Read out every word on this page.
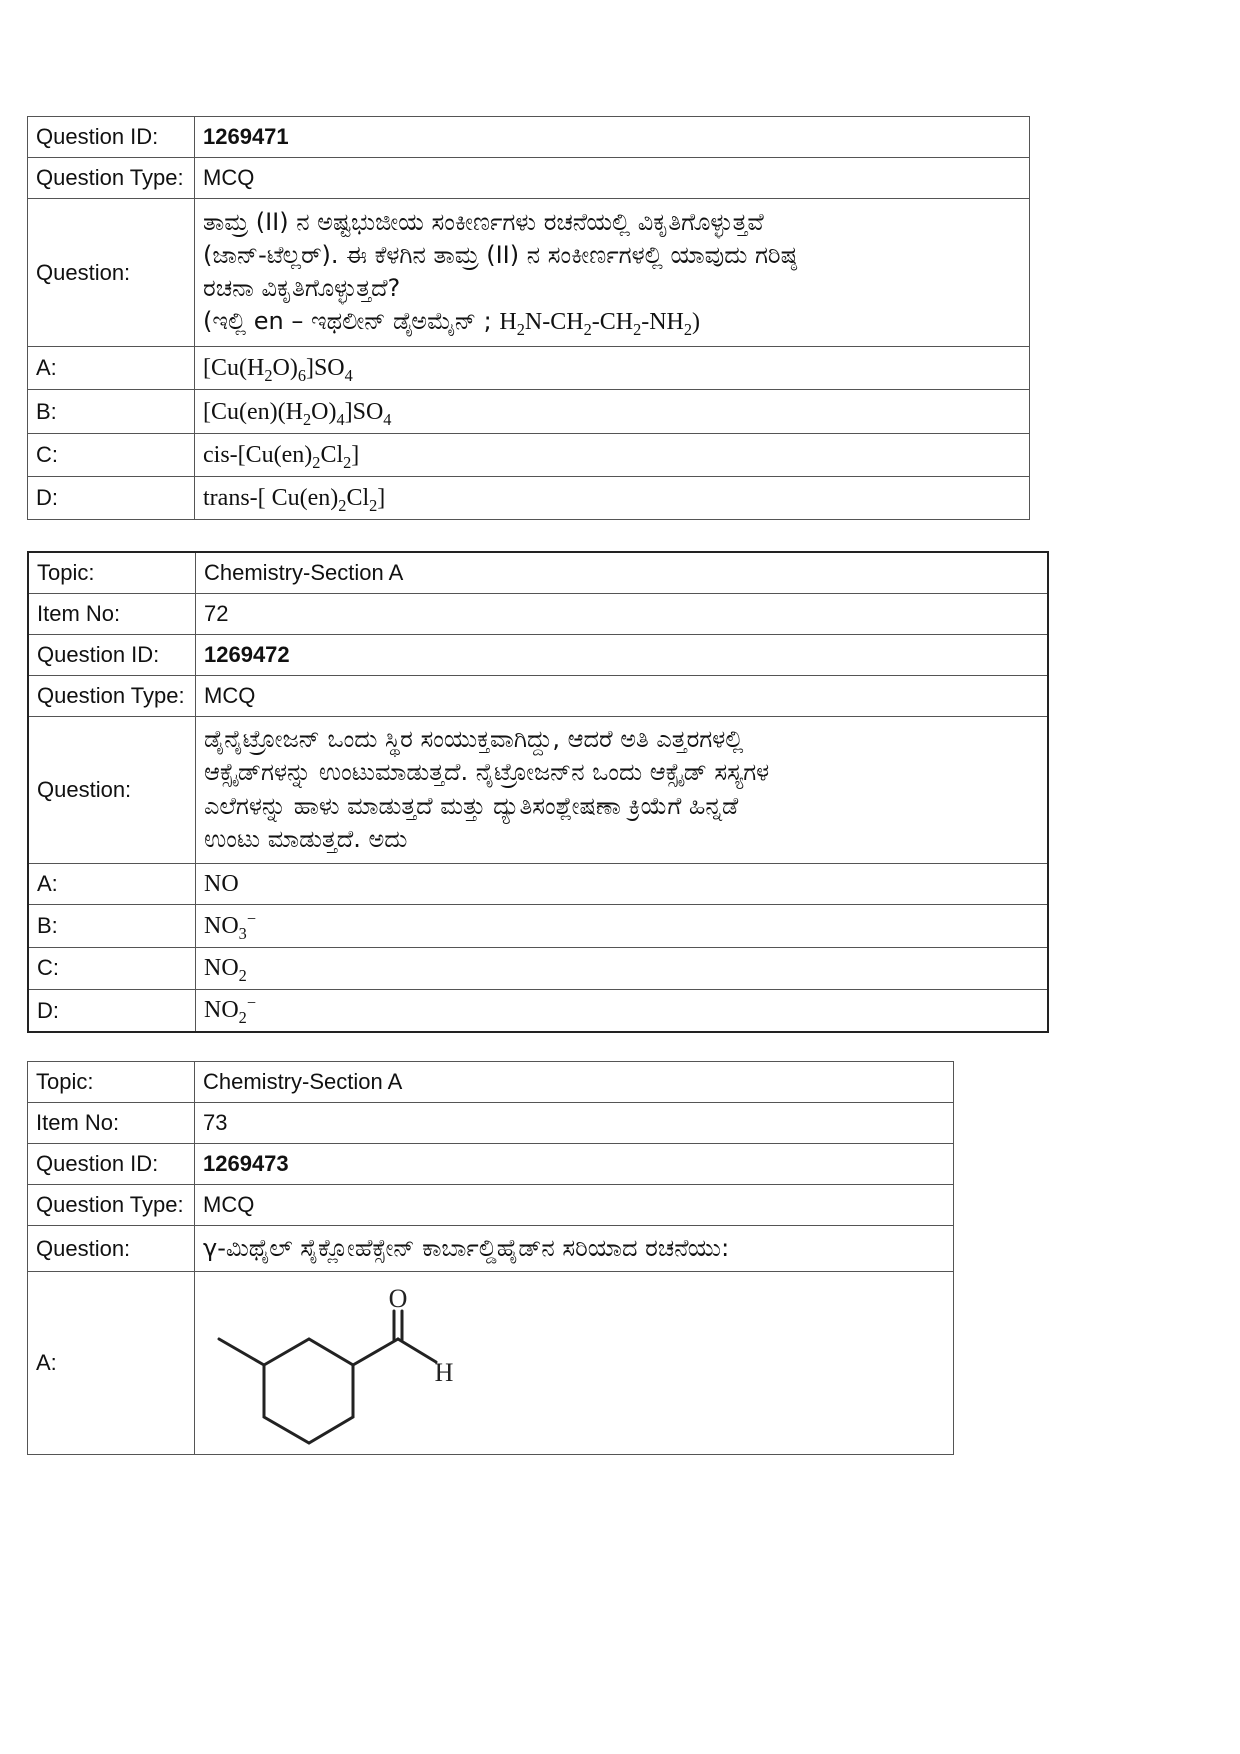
Question ID:	1269471
Question Type:	MCQ
Question:	ತಾಮ್ರ (II) ನ ಅಷ್ಟಭುಜೀಯ ಸಂಕೀರ್ಣಗಳು ರಚನೆಯಲ್ಲಿ ವಿಕೃತಿಗೊಳ್ಳುತ್ತವೆ
(ಜಾನ್-ಟೆಲ್ಲರ್). ಈ ಕೆಳಗಿನ ತಾಮ್ರ (II) ನ ಸಂಕೀರ್ಣಗಳಲ್ಲಿ ಯಾವುದು ಗರಿಷ್ಠ
ರಚನಾ ವಿಕೃತಿಗೊಳ್ಳುತ್ತದೆ?
(ಇಲ್ಲಿ en – ಇಥಲೀನ್ ಡೈಅಮೈನ್ ; $H_2N-CH_2-CH_2-NH_2$)

A:	$[Cu(H_2O)_6]SO_4$
B:	$[Cu(en)(H_2O)_4]SO_4$
C:	cis-$[Cu(en)_2Cl_2]$
D:	trans-[ $Cu(en)_2Cl_2$]
Topic:	Chemistry-Section A
Item No:	72
Question ID:	1269472
Question Type:	MCQ
Question:	ಡೈನೈಟ್ರೋಜನ್ ಒಂದು ಸ್ಥಿರ ಸಂಯುಕ್ತವಾಗಿದ್ದು, ಆದರೆ ಅತಿ ಎತ್ತರಗಳಲ್ಲಿ
ಆಕ್ಸೈಡ್‌ಗಳನ್ನು ಉಂಟುಮಾಡುತ್ತದೆ. ನೈಟ್ರೋಜನ್‌ನ ಒಂದು ಆಕ್ಸೈಡ್ ಸಸ್ಯಗಳ
ಎಲೆಗಳನ್ನು ಹಾಳು ಮಾಡುತ್ತದೆ ಮತ್ತು ದ್ಯುತಿಸಂಶ್ಲೇಷಣಾ ಕ್ರಿಯೆಗೆ ಹಿನ್ನಡೆ
ಉಂಟು ಮಾಡುತ್ತದೆ. ಅದು

A:	NO
B:	$NO_3^-$
C:	$NO_2$
D:	$NO_2^-$
Topic:	Chemistry-Section A
Item No:	73
Question ID:	1269473
Question Type:	MCQ
Question:	γ-ಮಿಥೈಲ್ ಸೈಕ್ಲೋಹೆಕ್ಸೇನ್ ಕಾರ್ಬಾಲ್ಡಿಹೈಡ್‌ನ ಸರಿಯಾದ ರಚನೆಯು:
A:	O
H
